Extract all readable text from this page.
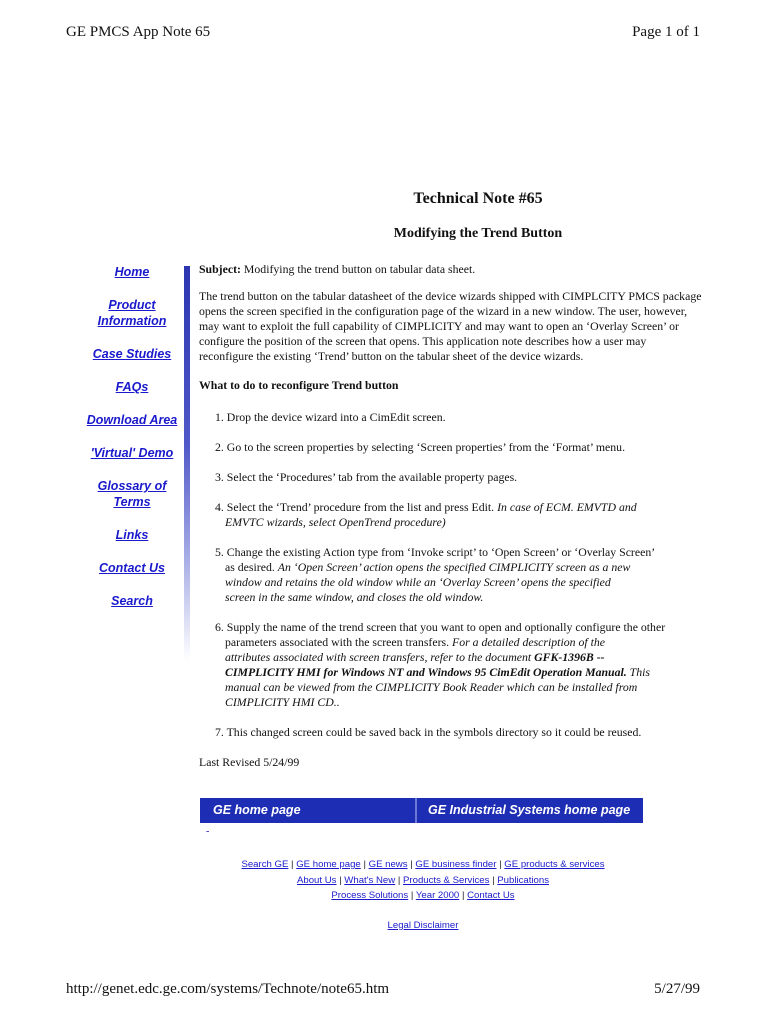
GE PMCS App Note 65	Page 1 of 1
Technical Note #65
Modifying the Trend Button
Home
Product
Information
Case Studies
FAQs
Download Area
'Virtual' Demo
Glossary of
Terms
Links
Contact Us
Search

Subject: Modifying the trend button on tabular data sheet.

The trend button on the tabular datasheet of the device wizards shipped with CIMPLCITY PMCS package opens the screen specified in the configuration page of the wizard in a new window. The user, however, may want to exploit the full capability of CIMPLICITY and may want to open an ‘Overlay Screen’ or configure the position of the screen that opens. This application note describes how a user may reconfigure the existing ‘Trend’ button on the tabular sheet of the device wizards.

What to do to reconfigure Trend button

1. Drop the device wizard into a CimEdit screen.
2. Go to the screen properties by selecting ‘Screen properties’ from the ‘Format’ menu.
3. Select the ‘Procedures’ tab from the available property pages.
4. Select the ‘Trend’ procedure from the list and press Edit. In case of ECM. EMVTD and
EMVTC wizards, select OpenTrend procedure)
5. Change the existing Action type from ‘Invoke script’ to ‘Open Screen’ or ‘Overlay Screen’
as desired. An ‘Open Screen’ action opens the specified CIMPLICITY screen as a new
window and retains the old window while an ‘Overlay Screen’ opens the specified
screen in the same window, and closes the old window.
6. Supply the name of the trend screen that you want to open and optionally configure the other
parameters associated with the screen transfers. For a detailed description of the
attributes associated with screen transfers, refer to the document GFK-1396B --
CIMPLICITY HMI for Windows NT and Windows 95 CimEdit Operation Manual. This
manual can be viewed from the CIMPLICITY Book Reader which can be installed from
CIMPLICITY HMI CD..
7. This changed screen could be saved back in the symbols directory so it could be reused.

Last Revised 5/24/99

GE home page	GE Industrial Systems home page
-
Search GE | GE home page | GE news | GE business finder | GE products & services
About Us | What's New | Products & Services | Publications
Process Solutions | Year 2000 | Contact Us
Legal Disclaimer
http://genet.edc.ge.com/systems/Technote/note65.htm	5/27/99
